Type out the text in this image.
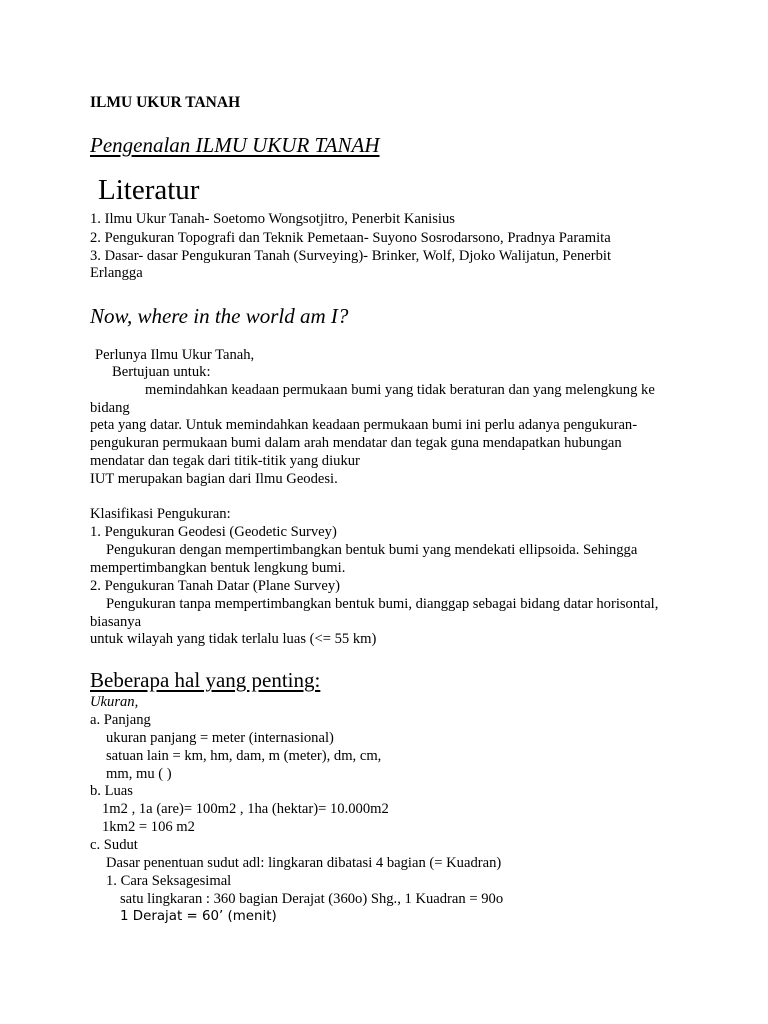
ILMU UKUR TANAH
Pengenalan ILMU UKUR TANAH
Literatur
1. Ilmu Ukur Tanah- Soetomo Wongsotjitro, Penerbit Kanisius
2. Pengukuran Topografi dan Teknik Pemetaan- Suyono Sosrodarsono, Pradnya Paramita
3. Dasar- dasar Pengukuran Tanah (Surveying)- Brinker, Wolf, Djoko Walijatun, Penerbit
Erlangga
Now, where in the world am I?
Perlunya Ilmu Ukur Tanah,
Bertujuan untuk:
memindahkan keadaan permukaan bumi yang tidak beraturan dan yang melengkung ke
bidang
peta yang datar. Untuk memindahkan keadaan permukaan bumi ini perlu adanya pengukuran-
pengukuran permukaan bumi dalam arah mendatar dan tegak guna mendapatkan hubungan
mendatar dan tegak dari titik-titik yang diukur
IUT merupakan bagian dari Ilmu Geodesi.
Klasifikasi Pengukuran:
1. Pengukuran Geodesi (Geodetic Survey)
Pengukuran dengan mempertimbangkan bentuk bumi yang mendekati ellipsoida. Sehingga
mempertimbangkan bentuk lengkung bumi.
2. Pengukuran Tanah Datar (Plane Survey)
Pengukuran tanpa mempertimbangkan bentuk bumi, dianggap sebagai bidang datar horisontal,
biasanya
untuk wilayah yang tidak terlalu luas (<= 55 km)
Beberapa hal yang penting:
Ukuran,
a. Panjang
ukuran panjang = meter (internasional)
satuan lain = km, hm, dam, m (meter), dm, cm,
mm, mu ( )
b. Luas
1m2 , 1a (are)= 100m2 , 1ha (hektar)= 10.000m2
1km2 = 106 m2
c. Sudut
Dasar penentuan sudut adl: lingkaran dibatasi 4 bagian (= Kuadran)
1. Cara Seksagesimal
satu lingkaran : 360 bagian Derajat (360o) Shg., 1 Kuadran = 90o
1 Derajat = 60’ (menit)
